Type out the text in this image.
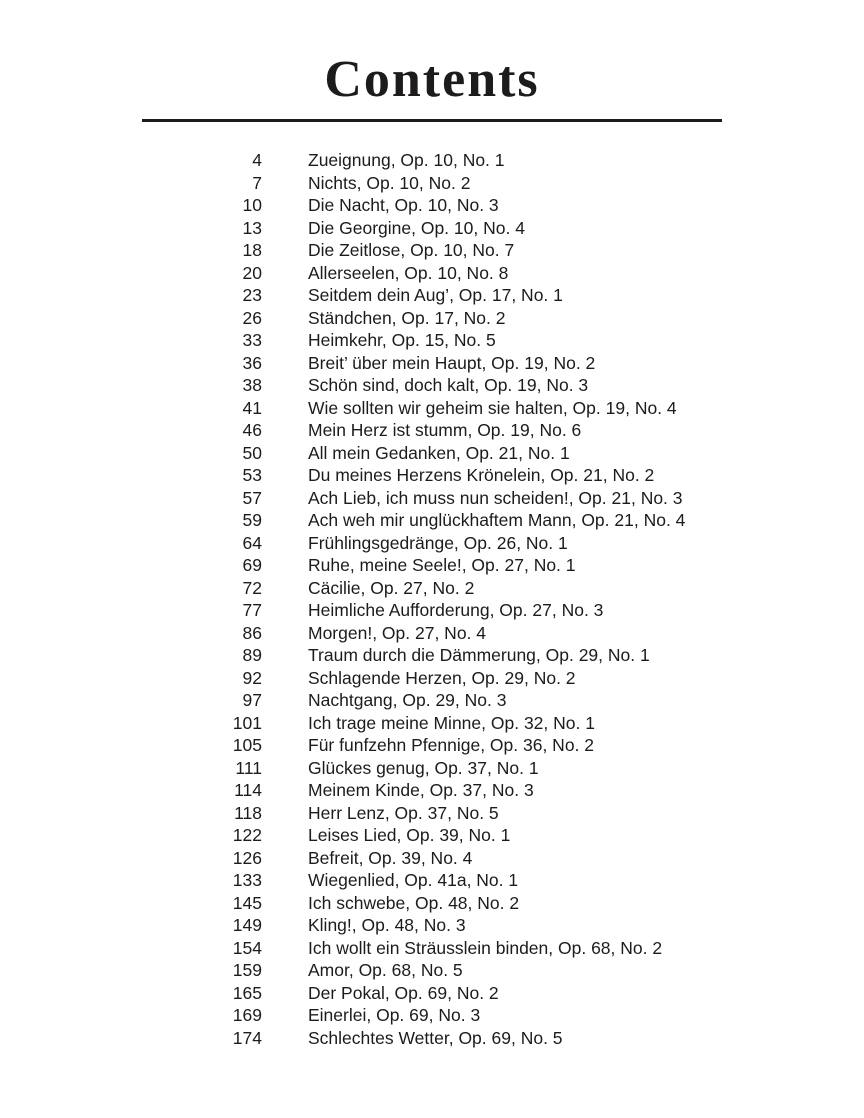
Contents
4	Zueignung, Op. 10, No. 1
7	Nichts, Op. 10, No. 2
10	Die Nacht, Op. 10, No. 3
13	Die Georgine, Op. 10, No. 4
18	Die Zeitlose, Op. 10, No. 7
20	Allerseelen, Op. 10, No. 8
23	Seitdem dein Aug’, Op. 17, No. 1
26	Ständchen, Op. 17, No. 2
33	Heimkehr, Op. 15, No. 5
36	Breit’ über mein Haupt, Op. 19, No. 2
38	Schön sind, doch kalt, Op. 19, No. 3
41	Wie sollten wir geheim sie halten, Op. 19, No. 4
46	Mein Herz ist stumm, Op. 19, No. 6
50	All mein Gedanken, Op. 21, No. 1
53	Du meines Herzens Krönelein, Op. 21, No. 2
57	Ach Lieb, ich muss nun scheiden!, Op. 21, No. 3
59	Ach weh mir unglückhaftem Mann, Op. 21, No. 4
64	Frühlingsgedränge, Op. 26, No. 1
69	Ruhe, meine Seele!, Op. 27, No. 1
72	Cäcilie, Op. 27, No. 2
77	Heimliche Aufforderung, Op. 27, No. 3
86	Morgen!, Op. 27, No. 4
89	Traum durch die Dämmerung, Op. 29, No. 1
92	Schlagende Herzen, Op. 29, No. 2
97	Nachtgang, Op. 29, No. 3
101	Ich trage meine Minne, Op. 32, No. 1
105	Für funfzehn Pfennige, Op. 36, No. 2
111	Glückes genug, Op. 37, No. 1
114	Meinem Kinde, Op. 37, No. 3
118	Herr Lenz, Op. 37, No. 5
122	Leises Lied, Op. 39, No. 1
126	Befreit, Op. 39, No. 4
133	Wiegenlied, Op. 41a, No. 1
145	Ich schwebe, Op. 48, No. 2
149	Kling!, Op. 48, No. 3
154	Ich wollt ein Sträusslein binden, Op. 68, No. 2
159	Amor, Op. 68, No. 5
165	Der Pokal, Op. 69, No. 2
169	Einerlei, Op. 69, No. 3
174	Schlechtes Wetter, Op. 69, No. 5
